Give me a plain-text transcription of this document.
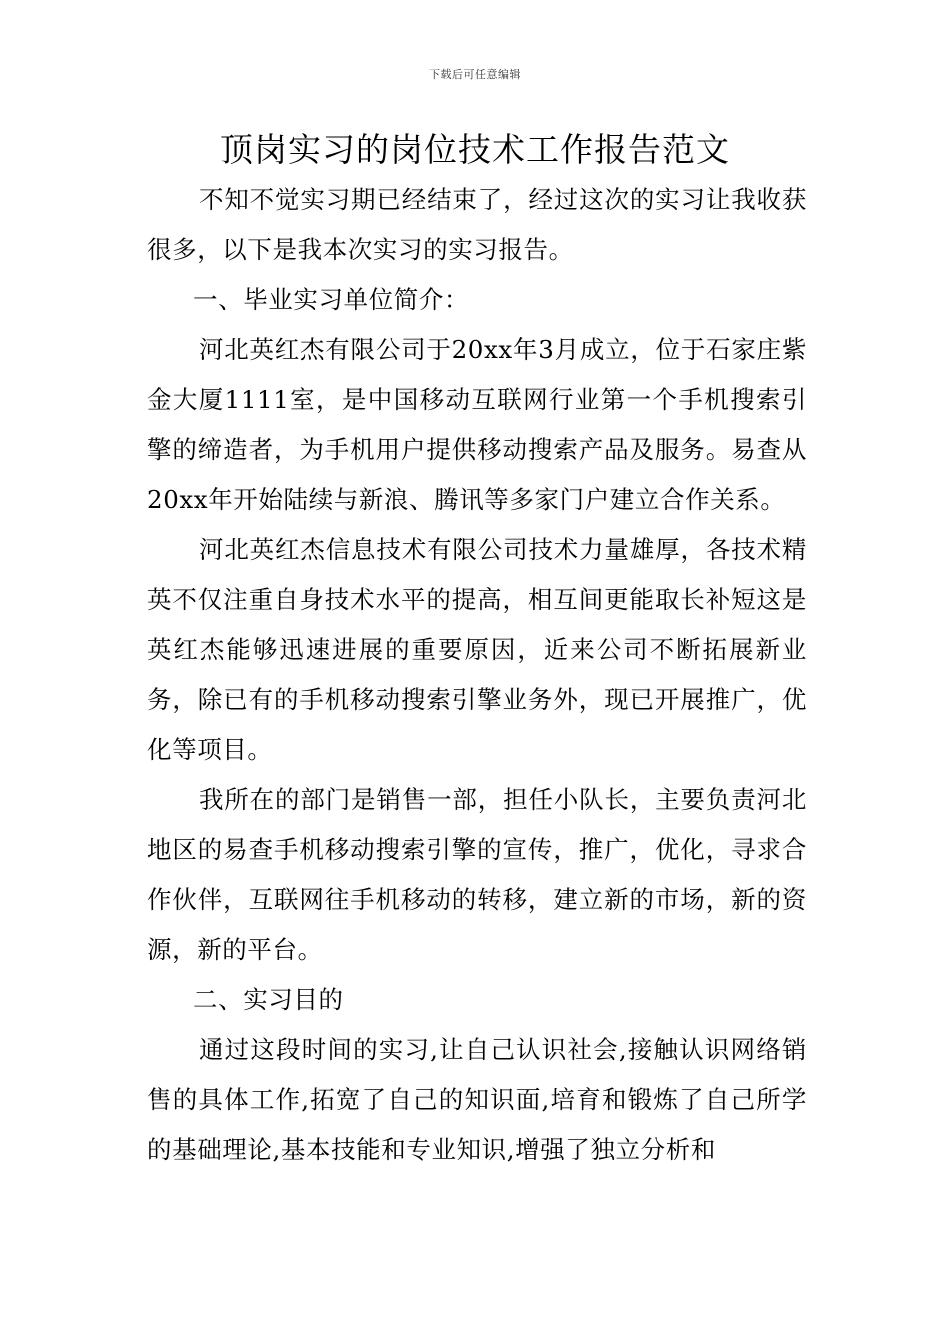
下载后可任意编辑
顶岗实习的岗位技术工作报告范文

不知不觉实习期已经结束了，经过这次的实习让我收获很多，以下是我本次实习的实习报告。

一、毕业实习单位简介：

河北英红杰有限公司于20xx年3月成立，位于石家庄紫金大厦1111室，是中国移动互联网行业第一个手机搜索引擎的缔造者，为手机用户提供移动搜索产品及服务。易查从20xx年开始陆续与新浪、腾讯等多家门户建立合作关系。

河北英红杰信息技术有限公司技术力量雄厚，各技术精英不仅注重自身技术水平的提高，相互间更能取长补短这是英红杰能够迅速进展的重要原因，近来公司不断拓展新业务，除已有的手机移动搜索引擎业务外，现已开展推广，优化等项目。

我所在的部门是销售一部，担任小队长，主要负责河北地区的易查手机移动搜索引擎的宣传，推广，优化，寻求合作伙伴，互联网往手机移动的转移，建立新的市场，新的资源，新的平台。

二、实习目的

通过这段时间的实习,让自己认识社会,接触认识网络销售的具体工作,拓宽了自己的知识面,培育和锻炼了自己所学的基础理论,基本技能和专业知识,增强了独立分析和
